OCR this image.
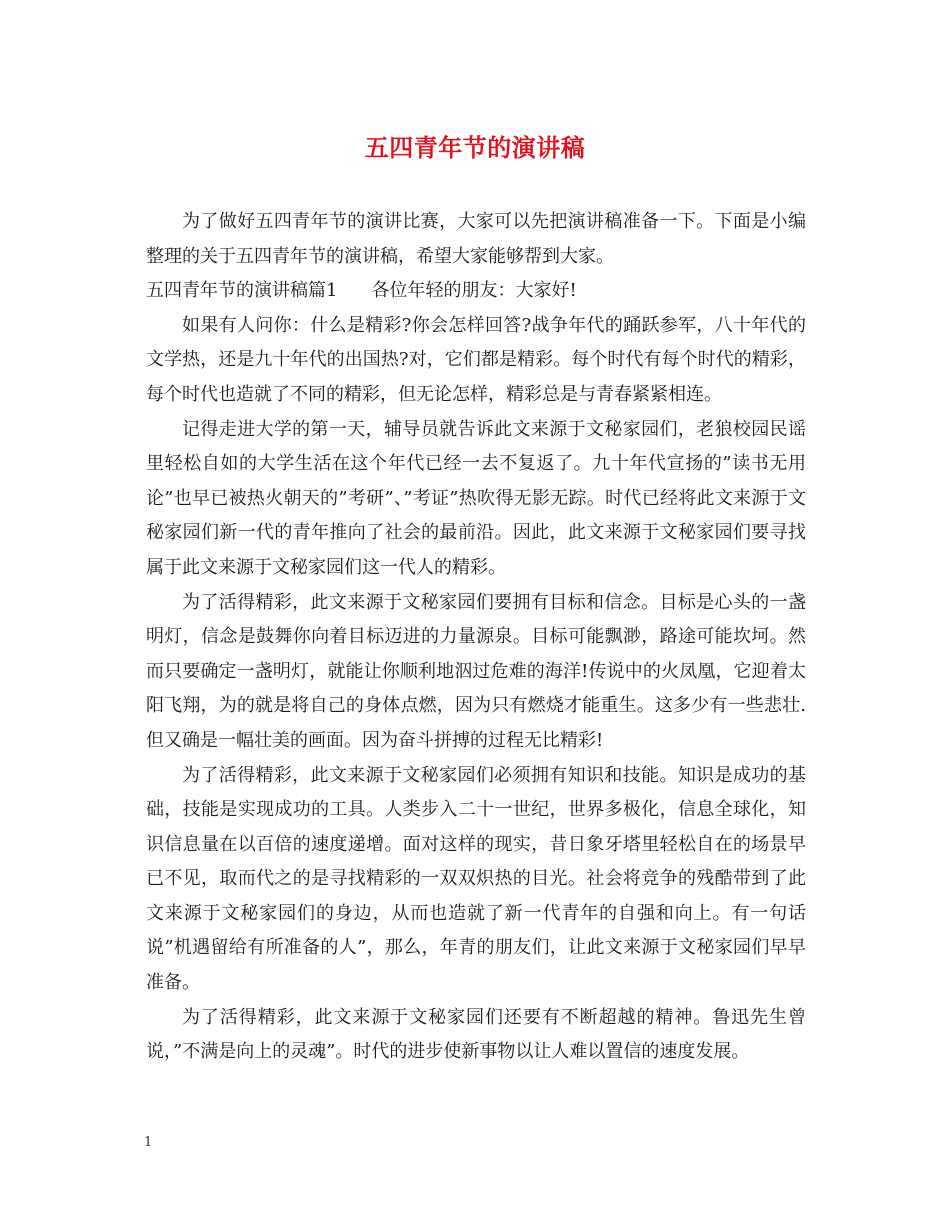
五四青年节的演讲稿

为了做好五四青年节的演讲比赛，大家可以先把演讲稿准备一下。下面是小编整理的关于五四青年节的演讲稿，希望大家能够帮到大家。

五四青年节的演讲稿篇1 各位年轻的朋友：大家好!

如果有人问你：什么是精彩?你会怎样回答?战争年代的踊跃参军，八十年代的文学热，还是九十年代的出国热?对，它们都是精彩。每个时代有每个时代的精彩，每个时代也造就了不同的精彩，但无论怎样，精彩总是与青春紧紧相连。

记得走进大学的第一天，辅导员就告诉此文来源于文秘家园们，老狼校园民谣里轻松自如的大学生活在这个年代已经一去不复返了。九十年代宣扬的”读书无用论”也早已被热火朝天的”考研”、”考证”热吹得无影无踪。时代已经将此文来源于文秘家园们新一代的青年推向了社会的最前沿。因此，此文来源于文秘家园们要寻找属于此文来源于文秘家园们这一代人的精彩。

为了活得精彩，此文来源于文秘家园们要拥有目标和信念。目标是心头的一盏明灯，信念是鼓舞你向着目标迈进的力量源泉。目标可能飘渺，路途可能坎坷。然而只要确定一盏明灯，就能让你顺利地泅过危难的海洋!传说中的火凤凰，它迎着太阳飞翔，为的就是将自己的身体点燃，因为只有燃烧才能重生。这多少有一些悲壮.但又确是一幅壮美的画面。因为奋斗拼搏的过程无比精彩!

为了活得精彩，此文来源于文秘家园们必须拥有知识和技能。知识是成功的基础，技能是实现成功的工具。人类步入二十一世纪，世界多极化，信息全球化，知识信息量在以百倍的速度递增。面对这样的现实，昔日象牙塔里轻松自在的场景早已不见，取而代之的是寻找精彩的一双双炽热的目光。社会将竞争的残酷带到了此文来源于文秘家园们的身边，从而也造就了新一代青年的自强和向上。有一句话说”机遇留给有所准备的人”，那么，年青的朋友们，让此文来源于文秘家园们早早准备。

为了活得精彩，此文来源于文秘家园们还要有不断超越的精神。鲁迅先生曾说，”不满是向上的灵魂”。时代的进步使新事物以让人难以置信的速度发展。

1
